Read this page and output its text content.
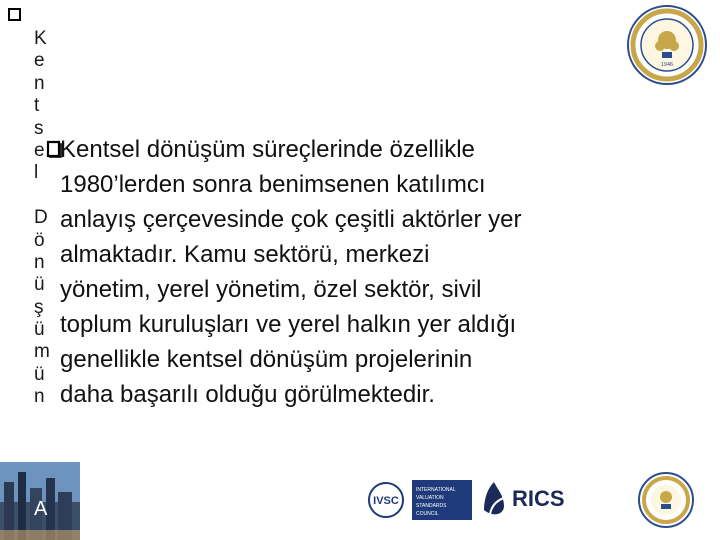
K
e
n
t
s
e
l
D
ö
n
ü
ş
ü
m
ü
n
1946
Kentsel dönüşüm süreçlerinde özellikle
1980’lerden sonra benimsenen katılımcı
anlayış çerçevesinde çok çeşitli aktörler yer
almaktadır. Kamu sektörü, merkezi
yönetim, yerel yönetim, özel sektör, sivil
toplum kuruluşları ve yerel halkın yer aldığı
genellikle kentsel dönüşüm projelerinin
daha başarılı olduğu görülmektedir.
A	IVSC
INTERNATIONAL
VALUATION
STANDARDS
COUNCIL
RICS
